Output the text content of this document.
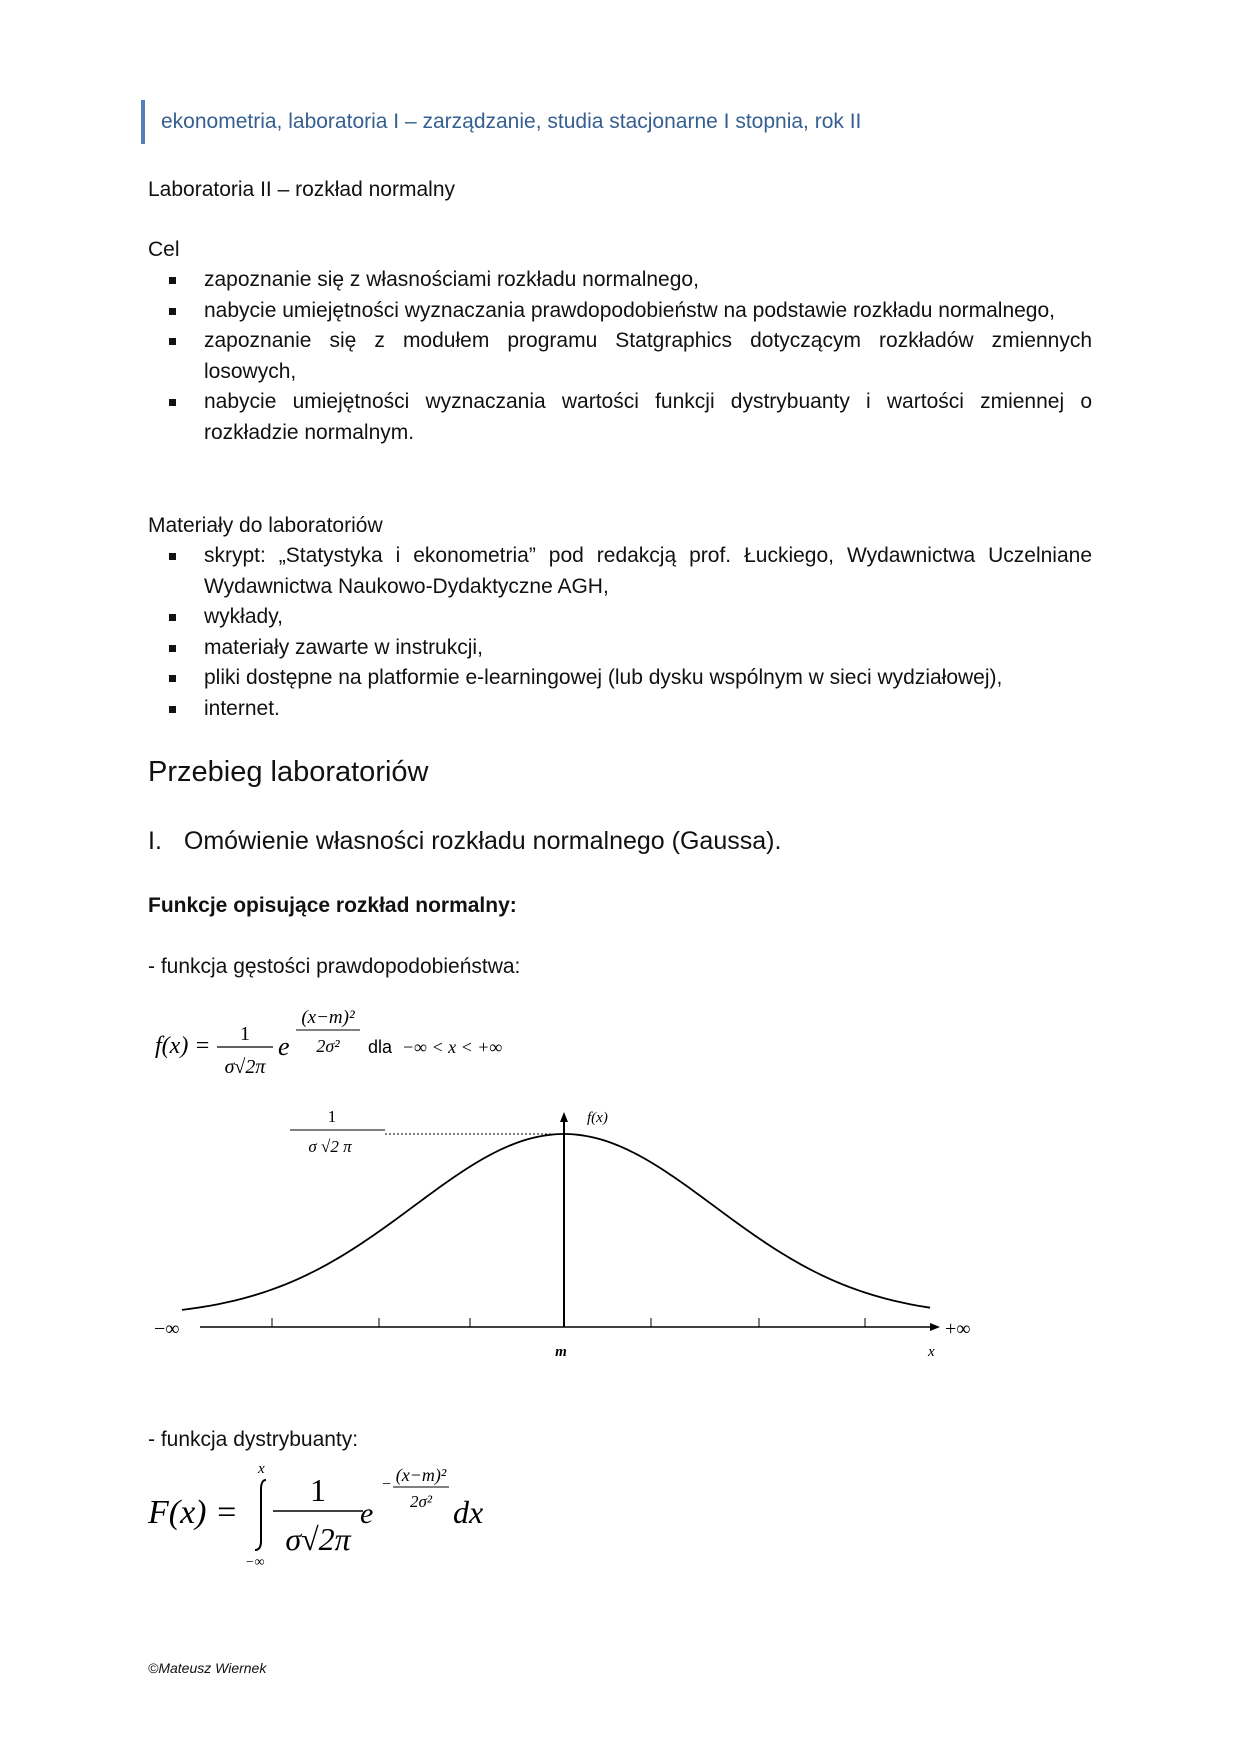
ekonometria, laboratoria I – zarządzanie, studia stacjonarne I stopnia, rok II
Laboratoria II – rozkład normalny
Cel
zapoznanie się z własnościami rozkładu normalnego,
nabycie umiejętności wyznaczania prawdopodobieństw na podstawie rozkładu normalnego,
zapoznanie się z modułem programu Statgraphics dotyczącym rozkładów zmiennych losowych,
nabycie umiejętności wyznaczania wartości funkcji dystrybuanty i wartości zmiennej o rozkładzie normalnym.
Materiały do laboratoriów
skrypt: „Statystyka i ekonometria” pod redakcją prof. Łuckiego, Wydawnictwa Uczelniane Wydawnictwa Naukowo-Dydaktyczne AGH,
wykłady,
materiały zawarte w instrukcji,
pliki dostępne na platformie e-learningowej (lub dysku wspólnym w sieci wydziałowej),
internet.
Przebieg laboratoriów
I. Omówienie własności rozkładu normalnego (Gaussa).
Funkcje opisujące rozkład normalny:
- funkcja gęstości prawdopodobieństwa:
f(x) = 1
σ√2π
e
(x−m)²
2σ² dla −∞ < x < +∞
1
σ √2 π
f(x)
−∞	+∞
m	x
- funkcja dystrybuanty:
F(x) =
x
−∞
1
σ√2π
e
− (x−m)²
2σ² dx
©Mateusz Wiernek
